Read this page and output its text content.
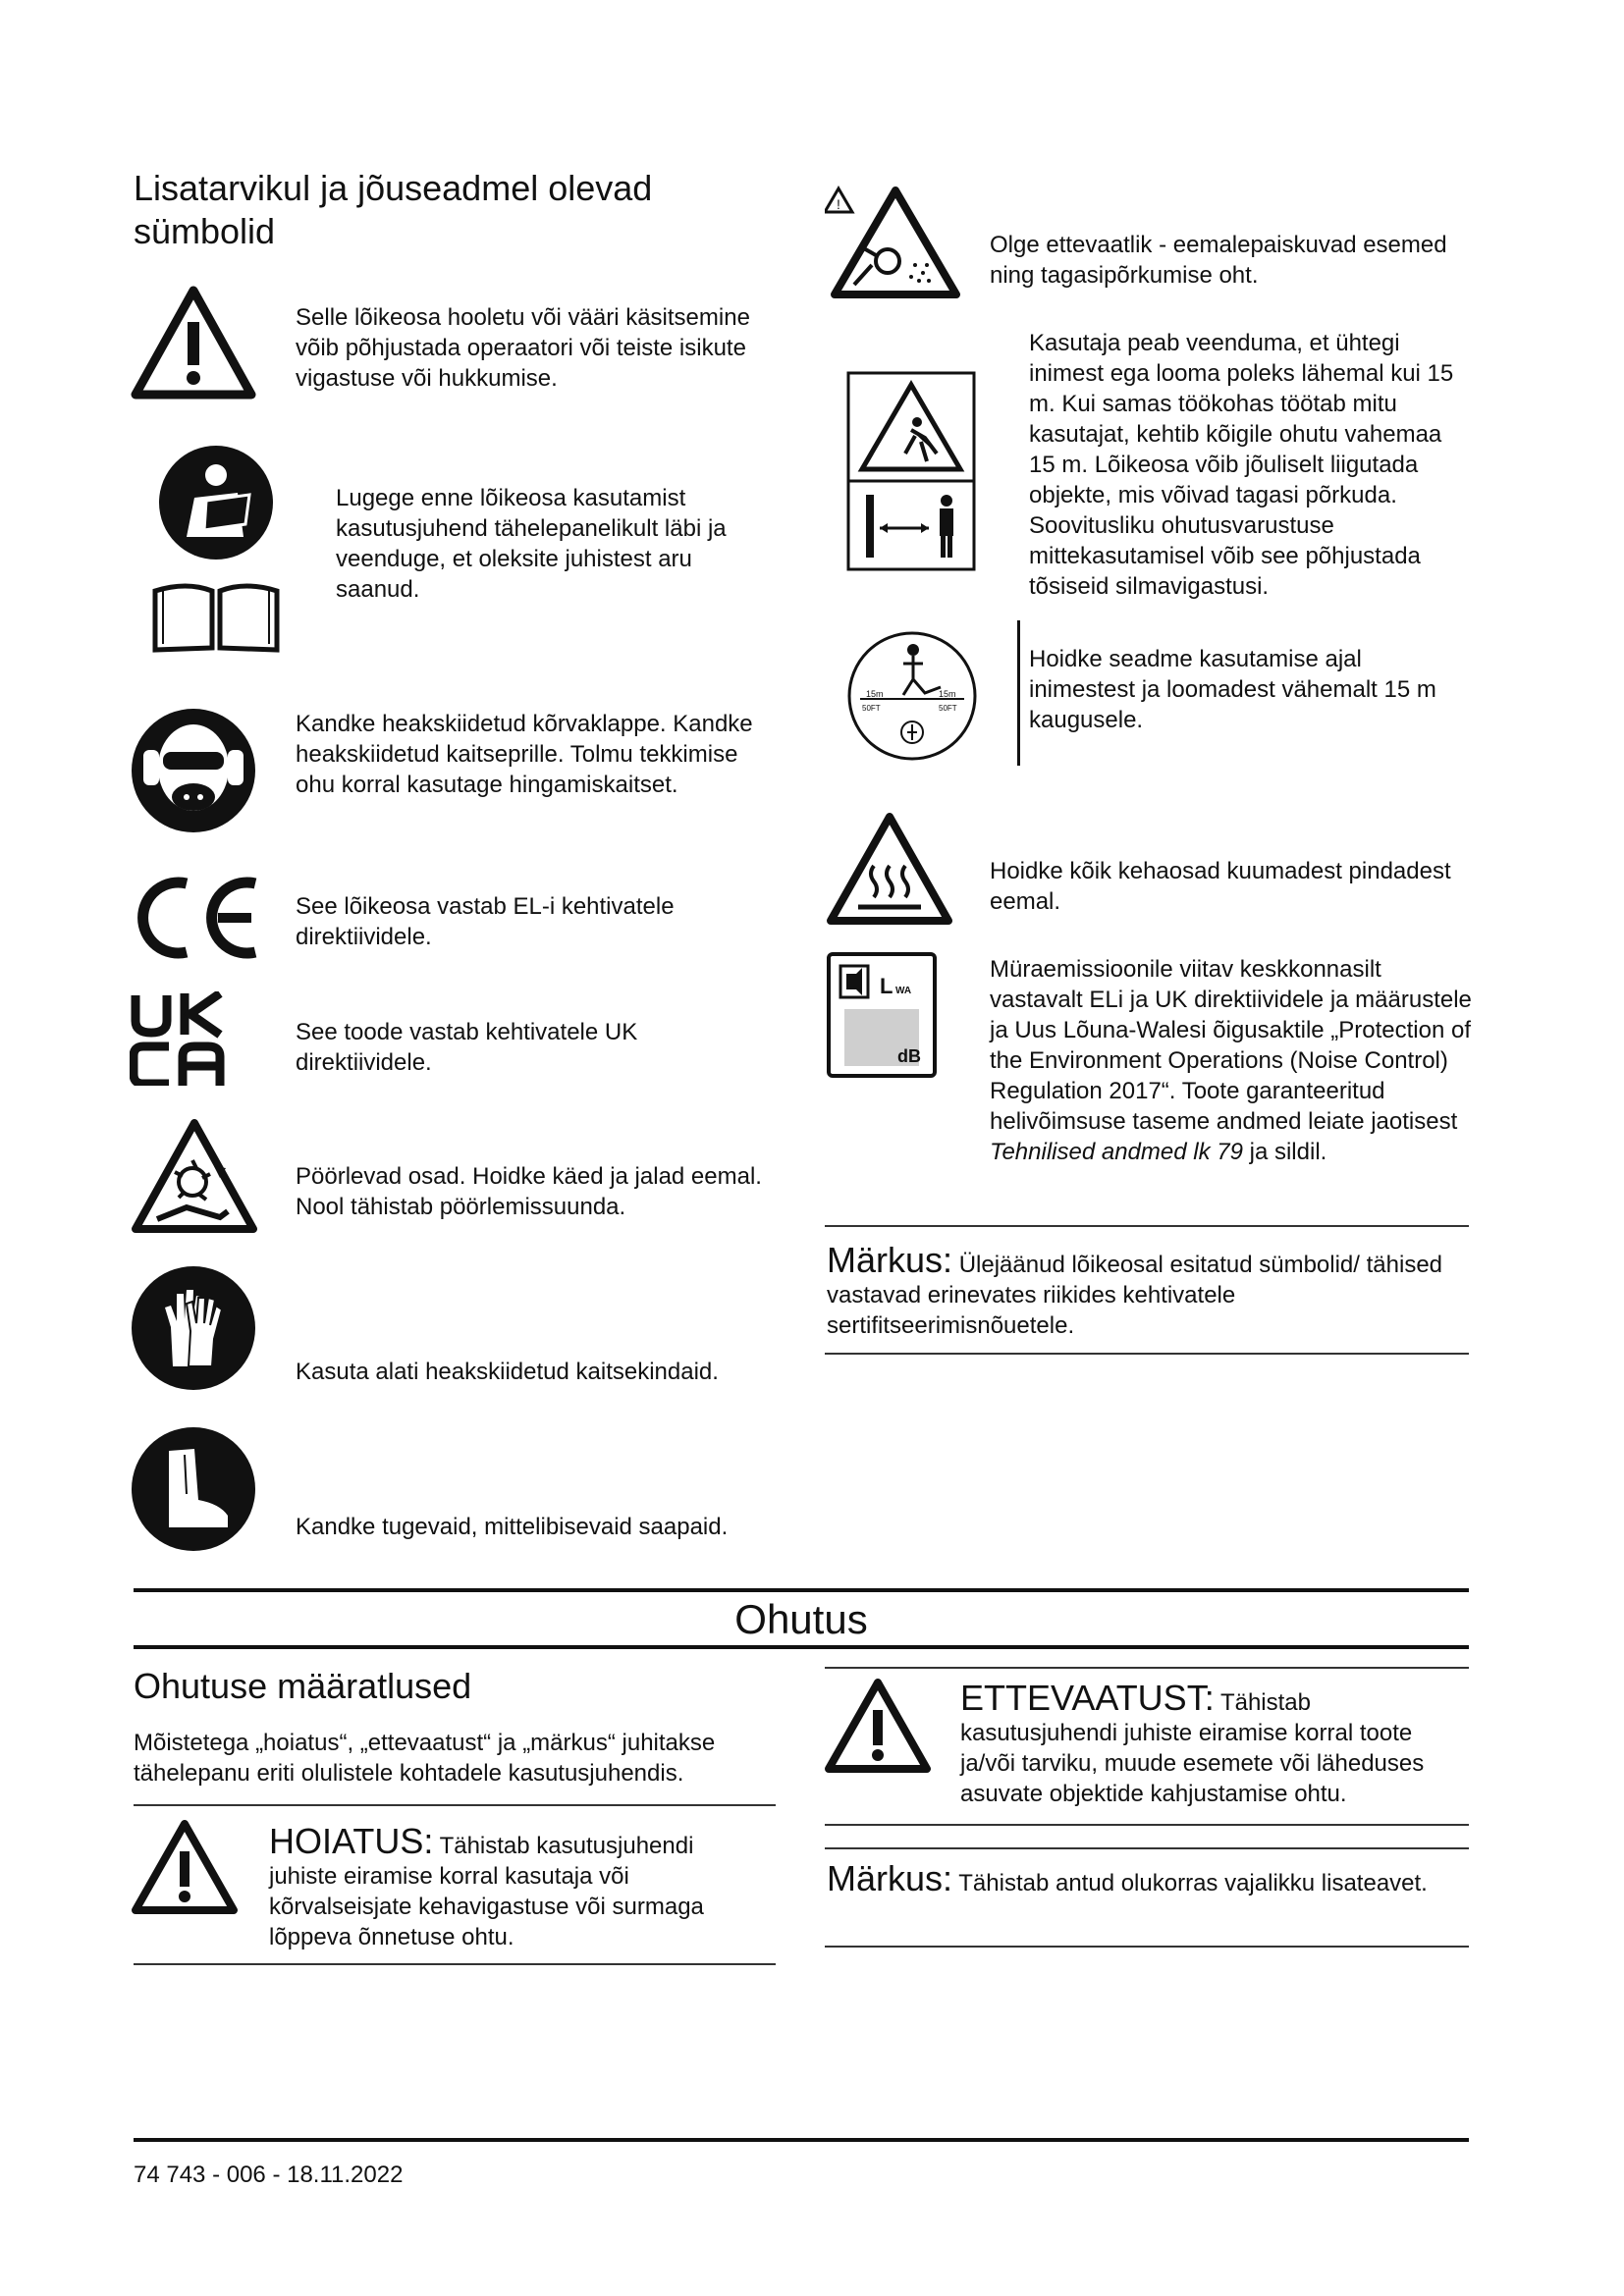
Lisatarvikul ja jõuseadmel olevad sümbolid
Selle lõikeosa hooletu või vääri käsitsemine võib põhjustada operaatori või teiste isikute vigastuse või hukkumise.
Lugege enne lõikeosa kasutamist kasutusjuhend tähelepanelikult läbi ja veenduge, et oleksite juhistest aru saanud.
Kandke heakskiidetud kõrvaklappe. Kandke heakskiidetud kaitseprille. Tolmu tekkimise ohu korral kasutage hingamiskaitset.
See lõikeosa vastab EL-i kehtivatele direktiividele.
See toode vastab kehtivatele UK direktiividele.
Pöörlevad osad. Hoidke käed ja jalad eemal. Nool tähistab pöörlemissuunda.
Kasuta alati heakskiidetud kaitsekindaid.
Kandke tugevaid, mittelibisevaid saapaid.
!
Olge ettevaatlik - eemalepaiskuvad esemed ning tagasipõrkumise oht.
Kasutaja peab veenduma, et ühtegi inimest ega looma poleks lähemal kui 15 m. Kui samas töökohas töötab mitu kasutajat, kehtib kõigile ohutu vahemaa 15 m. Lõikeosa võib jõuliselt liigutada objekte, mis võivad tagasi põrkuda. Soovitusliku ohutusvarustuse mittekasutamisel võib see põhjustada tõsiseid silmavigastusi.
15m
50FT
15m
50FT
Hoidke seadme kasutamise ajal inimestest ja loomadest vähemalt 15 m kaugusele.
Hoidke kõik kehaosad kuumadest pindadest eemal.
L WA
dB
Müraemissioonile viitav keskkonnasilt vastavalt ELi ja UK direktiividele ja määrustele ja Uus Lõuna-Walesi õigusaktile „Protection of the Environment Operations (Noise Control) Regulation 2017“. Toote garanteeritud helivõimsuse taseme andmed leiate jaotisest Tehnilised andmed lk 79 ja sildil.
Märkus: Ülejäänud lõikeosal esitatud sümbolid/ tähised vastavad erinevates riikides kehtivatele sertifitseerimisnõuetele.
Ohutus
Ohutuse määratlused
Mõistetega „hoiatus“, „ettevaatust“ ja „märkus“ juhitakse tähelepanu eriti olulistele kohtadele kasutusjuhendis.
HOIATUS: Tähistab kasutusjuhendi juhiste eiramise korral kasutaja või kõrvalseisjate kehavigastuse või surmaga lõppeva õnnetuse ohtu.
ETTEVAATUST: Tähistab kasutusjuhendi juhiste eiramise korral toote ja/või tarviku, muude esemete või läheduses asuvate objektide kahjustamise ohtu.
Märkus: Tähistab antud olukorras vajalikku lisateavet.
74 743 - 006 - 18.11.2022
